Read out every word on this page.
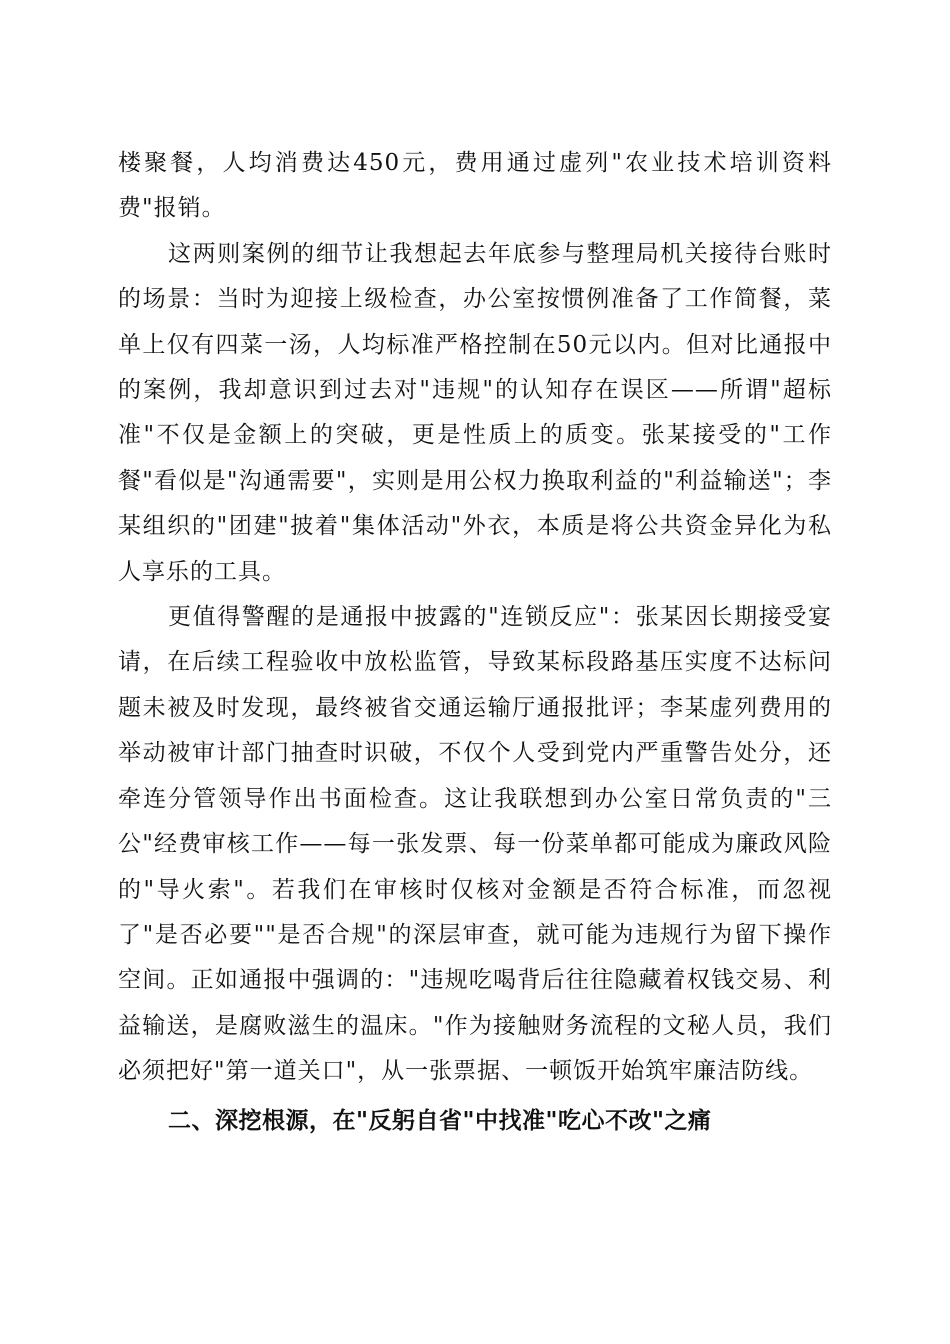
楼聚餐，人均消费达450元，费用通过虚列"农业技术培训资料费"报销。

这两则案例的细节让我想起去年底参与整理局机关接待台账时的场景：当时为迎接上级检查，办公室按惯例准备了工作简餐，菜单上仅有四菜一汤，人均标准严格控制在50元以内。但对比通报中的案例，我却意识到过去对"违规"的认知存在误区——所谓"超标准"不仅是金额上的突破，更是性质上的质变。张某接受的"工作餐"看似是"沟通需要"，实则是用公权力换取利益的"利益输送"；李某组织的"团建"披着"集体活动"外衣，本质是将公共资金异化为私人享乐的工具。

更值得警醒的是通报中披露的"连锁反应"：张某因长期接受宴请，在后续工程验收中放松监管，导致某标段路基压实度不达标问题未被及时发现，最终被省交通运输厅通报批评；李某虚列费用的举动被审计部门抽查时识破，不仅个人受到党内严重警告处分，还牵连分管领导作出书面检查。这让我联想到办公室日常负责的"三公"经费审核工作——每一张发票、每一份菜单都可能成为廉政风险的"导火索"。若我们在审核时仅核对金额是否符合标准，而忽视了"是否必要""是否合规"的深层审查，就可能为违规行为留下操作空间。正如通报中强调的："违规吃喝背后往往隐藏着权钱交易、利益输送，是腐败滋生的温床。"作为接触财务流程的文秘人员，我们必须把好"第一道关口"，从一张票据、一顿饭开始筑牢廉洁防线。

二、深挖根源，在"反躬自省"中找准"吃心不改"之痛
